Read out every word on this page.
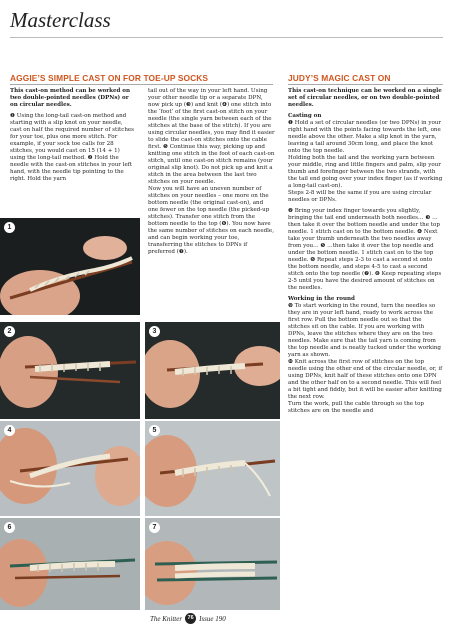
Masterclass
AGGIE’S SIMPLE CAST ON FOR TOE-UP SOCKS

This cast-on method can be worked on two double-pointed needles (DPNs) or on circular needles.

❶ Using the long-tail cast-on method and starting with a slip knot on your needle, cast on half the required number of stitches for your toe, plus one more stitch. For example, if your sock toe calls for 28 stitches, you would cast on 15 (14 + 1) using the long-tail method. ❷ Hold the needle with the cast-on stitches in your left hand, with the needle tip pointing to the right. Hold the yarn

tail out of the way in your left hand. Using your other needle tip or a separate DPN, now pick up (❸) and knit (❹) one stitch into the ‘foot’ of the first cast-on stitch on your needle (the single yarn between each of the stitches at the base of the stitch). If you are using circular needles, you may find it easier to slide the cast-on stitches onto the cable first. ❺ Continue this way, picking up and knitting one stitch in the foot of each cast-on stitch, until one cast-on stitch remains (your original slip knot). Do not pick up and knit a stitch in the area between the last two stitches on your needle.

Now you will have an uneven number of stitches on your needles – one more on the bottom needle (the original cast-on), and one fewer on the top needle (the picked-up stitches). Transfer one stitch from the bottom needle to the top (❻). You now have the same number of stitches on each needle, and can begin working your toe, transferring the stitches to DPNs if preferred (❼).

JUDY’S MAGIC CAST ON

This cast-on technique can be worked on a single set of circular needles, or on two double-pointed needles.

Casting on

❶ Hold a set of circular needles (or two DPNs) in your right hand with the points facing towards the left, one needle above the other. Make a slip knot in the yarn, leaving a tail around 30cm long, and place the knot onto the top needle.

Holding both the tail and the working yarn between your middle, ring and little fingers and palm, slip your thumb and forefinger between the two strands, with the tail end going over your index finger (as if working a long-tail cast-on).

Steps 2-8 will be the same if you are using circular needles or DPNs.

❷ Bring your index finger towards you slightly, bringing the tail end underneath both needles… ❸ …then take it over the bottom needle and under the top needle. 1 stitch cast on to the bottom needle. ❹ Next take your thumb underneath the two needles away from you… ❺ …then take it over the top needle and under the bottom needle. 1 stitch cast on to the top needle. ❻ Repeat steps 2-3 to cast a second st onto the bottom needle, and steps 4-5 to cast a second stitch onto the top needle (❼). ❽ Keep repeating steps 2-5 until you have the desired amount of stitches on the needles.

Working in the round

❾ To start working in the round, turn the needles so they are in your left hand, ready to work across the first row. Pull the bottom needle out so that the stitches sit on the cable. If you are working with DPNs, leave the stitches where they are on the two needles. Make sure that the tail yarn is coming from the top needle and is neatly tucked under the working yarn as shown.

❿ Knit across the first row of stitches on the top needle using the other end of the circular needle, or, if using DPNs, knit half of these stitches onto one DPN and the other half on to a second needle. This will feel a bit tight and fiddly, but it will be easier after knitting the next row.

Turn the work, pull the cable through so the top stitches are on the needle and

1
2	3
4	5
6	7
The Knitter 76 Issue 190
